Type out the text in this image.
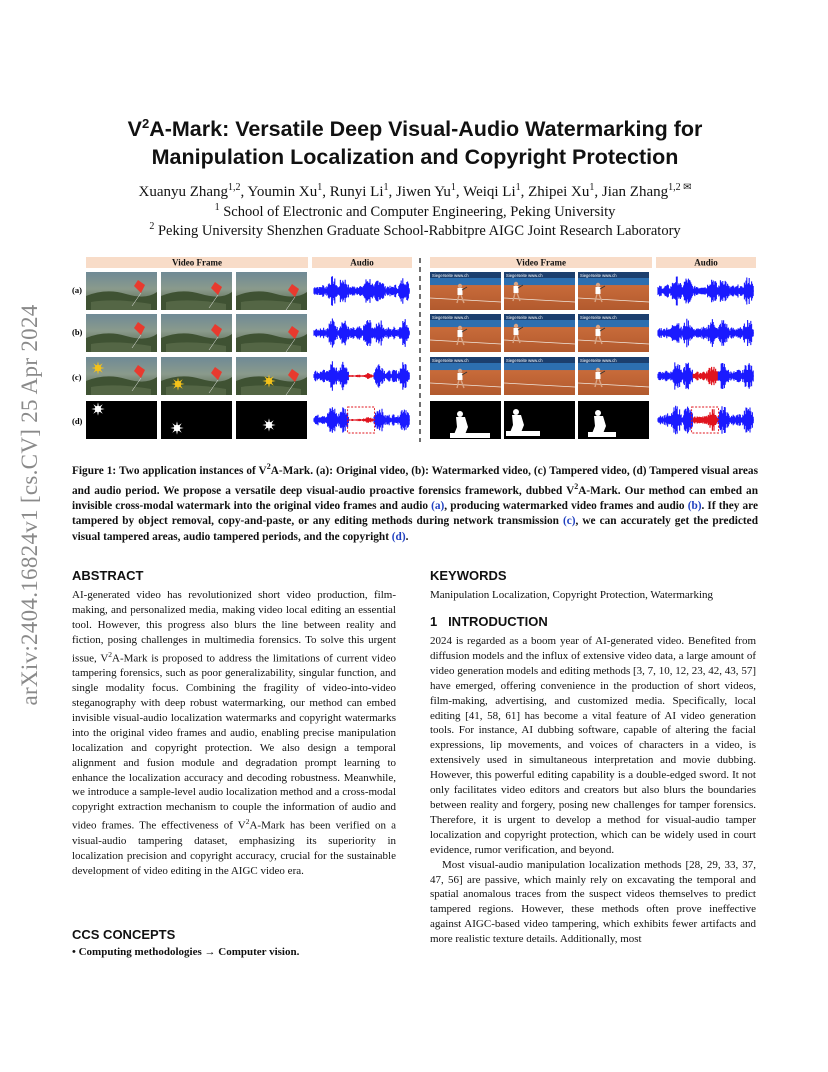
arXiv:2404.16824v1 [cs.CV] 25 Apr 2024
$V^2A$-Mark: Versatile Deep Visual-Audio Watermarking for
Manipulation Localization and Copyright Protection
Xuanyu Zhang$^{1,2}$, Youmin Xu$^1$, Runyi Li$^1$, Jiwen Yu$^1$, Weiqi Li$^1$, Zhipei Xu$^1$, Jian Zhang$^{1,2 ✉}$
$^1$ School of Electronic and Computer Engineering, Peking University
$^2$ Peking University Shenzhen Graduate School-Rabbitpre AIGC Joint Research Laboratory
Video Frame	Audio	Video Frame	Audio
(a)
(b)
(c)
(d)
Siegerseite www.ch	Siegerseite www.ch	Siegerseite www.ch
Siegerseite www.ch	Siegerseite www.ch	Siegerseite www.ch
Siegerseite www.ch	Siegerseite www.ch	Siegerseite www.ch
Figure 1: Two application instances of $V^2A$-Mark. (a): Original video, (b): Watermarked video, (c) Tampered video, (d) Tampered visual areas and audio period. We propose a versatile deep visual-audio proactive forensics framework, dubbed $V^2A$-Mark. Our method can embed an invisible cross-modal watermark into the original video frames and audio (a), producing watermarked video frames and audio (b). If they are tampered by object removal, copy-and-paste, or any editing methods during network transmission (c), we can accurately get the predicted visual tampered areas, audio tampered periods, and the copyright (d).
ABSTRACT

AI-generated video has revolutionized short video production, film-making, and personalized media, making video local editing an essential tool. However, this progress also blurs the line between reality and fiction, posing challenges in multimedia forensics. To solve this urgent issue, $V^2A$-Mark is proposed to address the limitations of current video tampering forensics, such as poor generalizability, singular function, and single modality focus. Combining the fragility of video-into-video steganography with deep robust watermarking, our method can embed invisible visual-audio localization watermarks and copyright watermarks into the original video frames and audio, enabling precise manipulation localization and copyright protection. We also design a temporal alignment and fusion module and degradation prompt learning to enhance the localization accuracy and decoding robustness. Meanwhile, we introduce a sample-level audio localization method and a cross-modal copyright extraction mechanism to couple the information of audio and video frames. The effectiveness of $V^2A$-Mark has been verified on a visual-audio tampering dataset, emphasizing its superiority in localization precision and copyright accuracy, crucial for the sustainable development of video editing in the AIGC video era.

CCS CONCEPTS
• Computing methodologies → Computer vision.
KEYWORDS
Manipulation Localization, Copyright Protection, Watermarking
1   INTRODUCTION

2024 is regarded as a boom year of AI-generated video. Benefited from diffusion models and the influx of extensive video data, a large amount of video generation models and editing methods [3, 7, 10, 12, 23, 42, 43, 57] have emerged, offering convenience in the production of short videos, film-making, advertising, and customized media. Specifically, local editing [41, 58, 61] has become a vital feature of AI video generation tools. For instance, AI dubbing software, capable of altering the facial expressions, lip movements, and voices of characters in a video, is extensively used in simultaneous interpretation and movie dubbing. However, this powerful editing capability is a double-edged sword. It not only facilitates video editors and creators but also blurs the boundaries between reality and forgery, posing new challenges for tamper forensics. Therefore, it is urgent to develop a method for visual-audio tamper localization and copyright protection, which can be widely used in court evidence, rumor verification, and beyond.

Most visual-audio manipulation localization methods [28, 29, 33, 37, 47, 56] are passive, which mainly rely on excavating the temporal and spatial anomalous traces from the suspect videos themselves to predict tampered regions. However, these methods often prove ineffective against AIGC-based video tampering, which exhibits fewer artifacts and more realistic texture details. Additionally, most
